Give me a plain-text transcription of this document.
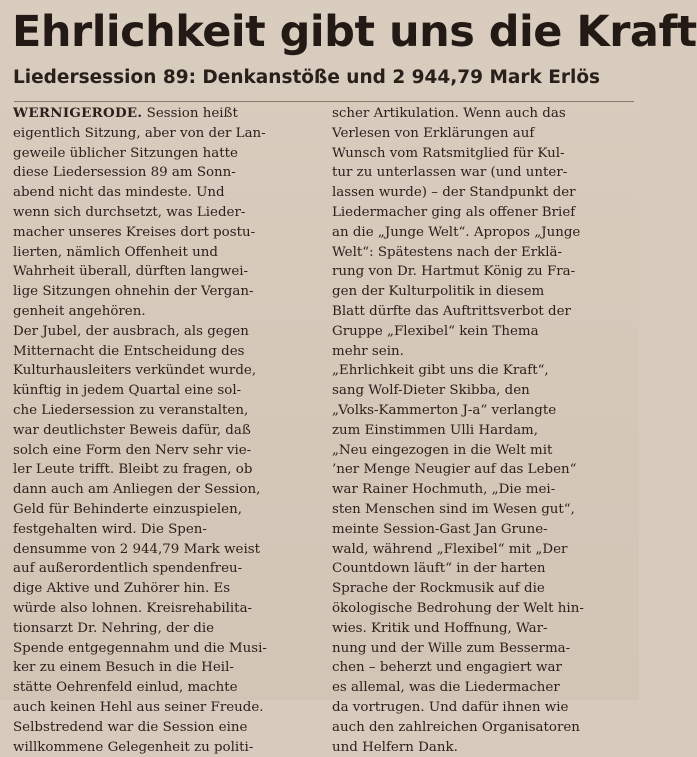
Ehrlichkeit gibt uns die Kraft
Liedersession 89: Denkanstöße und 2 944,79 Mark Erlös
WERNIGERODE. Session heißt
eigentlich Sitzung, aber von der Lan-
geweile üblicher Sitzungen hatte
diese Liedersession 89 am Sonn-
abend nicht das mindeste. Und
wenn sich durchsetzt, was Lieder-
macher unseres Kreises dort postu-
lierten, nämlich Offenheit und
Wahrheit überall, dürften langwei-
lige Sitzungen ohnehin der Vergan-
genheit angehören.
Der Jubel, der ausbrach, als gegen
Mitternacht die Entscheidung des
Kulturhausleiters verkündet wurde,
künftig in jedem Quartal eine sol-
che Liedersession zu veranstalten,
war deutlichster Beweis dafür, daß
solch eine Form den Nerv sehr vie-
ler Leute trifft. Bleibt zu fragen, ob
dann auch am Anliegen der Session,
Geld für Behinderte einzuspielen,
festgehalten wird. Die Spen-
densumme von 2 944,79 Mark weist
auf außerordentlich spendenfreu-
dige Aktive und Zuhörer hin. Es
würde also lohnen. Kreisrehabilita-
tionsarzt Dr. Nehring, der die
Spende entgegennahm und die Musi-
ker zu einem Besuch in die Heil-
stätte Oehrenfeld einlud, machte
auch keinen Hehl aus seiner Freude.
Selbstredend war die Session eine
willkommene Gelegenheit zu politi-
scher Artikulation. Wenn auch das
Verlesen von Erklärungen auf
Wunsch vom Ratsmitglied für Kul-
tur zu unterlassen war (und unter-
lassen wurde) – der Standpunkt der
Liedermacher ging als offener Brief
an die „Junge Welt“. Apropos „Junge
Welt“: Spätestens nach der Erklä-
rung von Dr. Hartmut König zu Fra-
gen der Kulturpolitik in diesem
Blatt dürfte das Auftrittsverbot der
Gruppe „Flexibel“ kein Thema
mehr sein.
„Ehrlichkeit gibt uns die Kraft“,
sang Wolf-Dieter Skibba, den
„Volks-Kammerton J-a“ verlangte
zum Einstimmen Ulli Hardam,
„Neu eingezogen in die Welt mit
’ner Menge Neugier auf das Leben“
war Rainer Hochmuth, „Die mei-
sten Menschen sind im Wesen gut“,
meinte Session-Gast Jan Grune-
wald, während „Flexibel“ mit „Der
Countdown läuft“ in der harten
Sprache der Rockmusik auf die
ökologische Bedrohung der Welt hin-
wies. Kritik und Hoffnung, War-
nung und der Wille zum Bessermа-
chen – beherzt und engagiert war
es allemal, was die Liedermacher
da vortrugen. Und dafür ihnen wie
auch den zahlreichen Organisatoren
und Helfern Dank.
